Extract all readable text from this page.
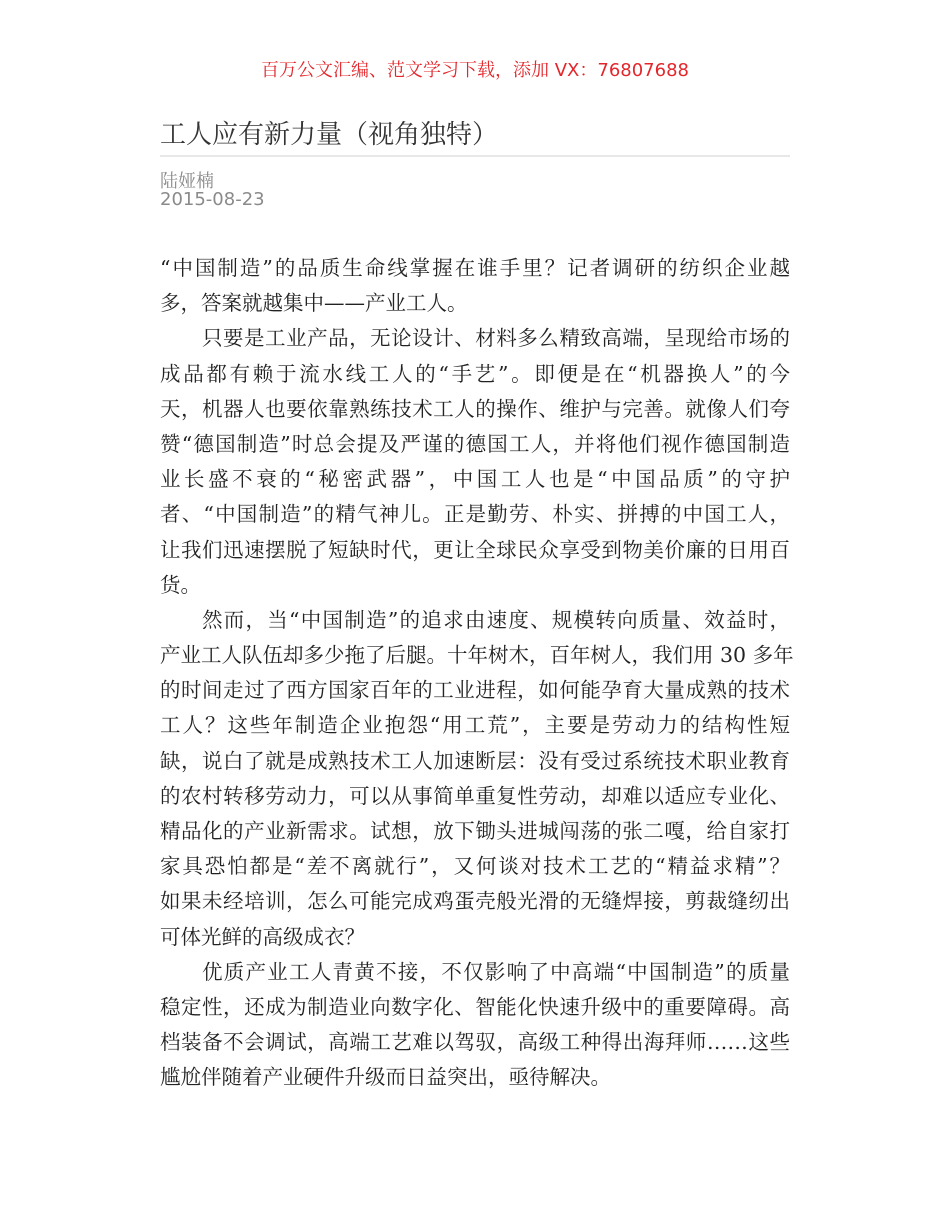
百万公文汇编、范文学习下载，添加 VX：76807688
工人应有新力量（视角独特）
陆娅楠
2015-08-23
“中国制造”的品质生命线掌握在谁手里？记者调研的纺织企业越
多，答案就越集中——产业工人。
只要是工业产品，无论设计、材料多么精致高端，呈现给市场的
成品都有赖于流水线工人的“手艺”。即便是在“机器换人”的今
天，机器人也要依靠熟练技术工人的操作、维护与完善。就像人们夸
赞“德国制造”时总会提及严谨的德国工人，并将他们视作德国制造
业长盛不衰的“秘密武器”，中国工人也是“中国品质”的守护
者、“中国制造”的精气神儿。正是勤劳、朴实、拼搏的中国工人，
让我们迅速摆脱了短缺时代，更让全球民众享受到物美价廉的日用百
货。
然而，当“中国制造”的追求由速度、规模转向质量、效益时，
产业工人队伍却多少拖了后腿。十年树木，百年树人，我们用 30 多年
的时间走过了西方国家百年的工业进程，如何能孕育大量成熟的技术
工人？这些年制造企业抱怨“用工荒”，主要是劳动力的结构性短
缺，说白了就是成熟技术工人加速断层：没有受过系统技术职业教育
的农村转移劳动力，可以从事简单重复性劳动，却难以适应专业化、
精品化的产业新需求。试想，放下锄头进城闯荡的张二嘎，给自家打
家具恐怕都是“差不离就行”，又何谈对技术工艺的“精益求精”？
如果未经培训，怎么可能完成鸡蛋壳般光滑的无缝焊接，剪裁缝纫出
可体光鲜的高级成衣？
优质产业工人青黄不接，不仅影响了中高端“中国制造”的质量
稳定性，还成为制造业向数字化、智能化快速升级中的重要障碍。高
档装备不会调试，高端工艺难以驾驭，高级工种得出海拜师……这些
尴尬伴随着产业硬件升级而日益突出，亟待解决。
